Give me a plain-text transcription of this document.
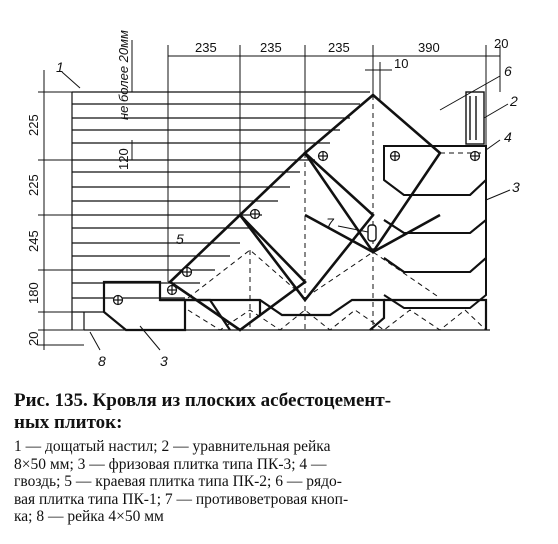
235	235	235	390	20
10
225
225
245
180
20
120
не более 20мм
1
2
3
4
5
6
7
3
8
Рис. 135. Кровля из плоских асбестоцемент-
ных плиток:
1 — дощатый настил; 2 — уравнительная рейка
8×50 мм; 3 — фризовая плитка типа ПК-3; 4 —
гвоздь; 5 — краевая плитка типа ПК-2; 6 — рядо-
вая плитка типа ПК-1; 7 — противоветровая кноп-
ка; 8 — рейка 4×50 мм
